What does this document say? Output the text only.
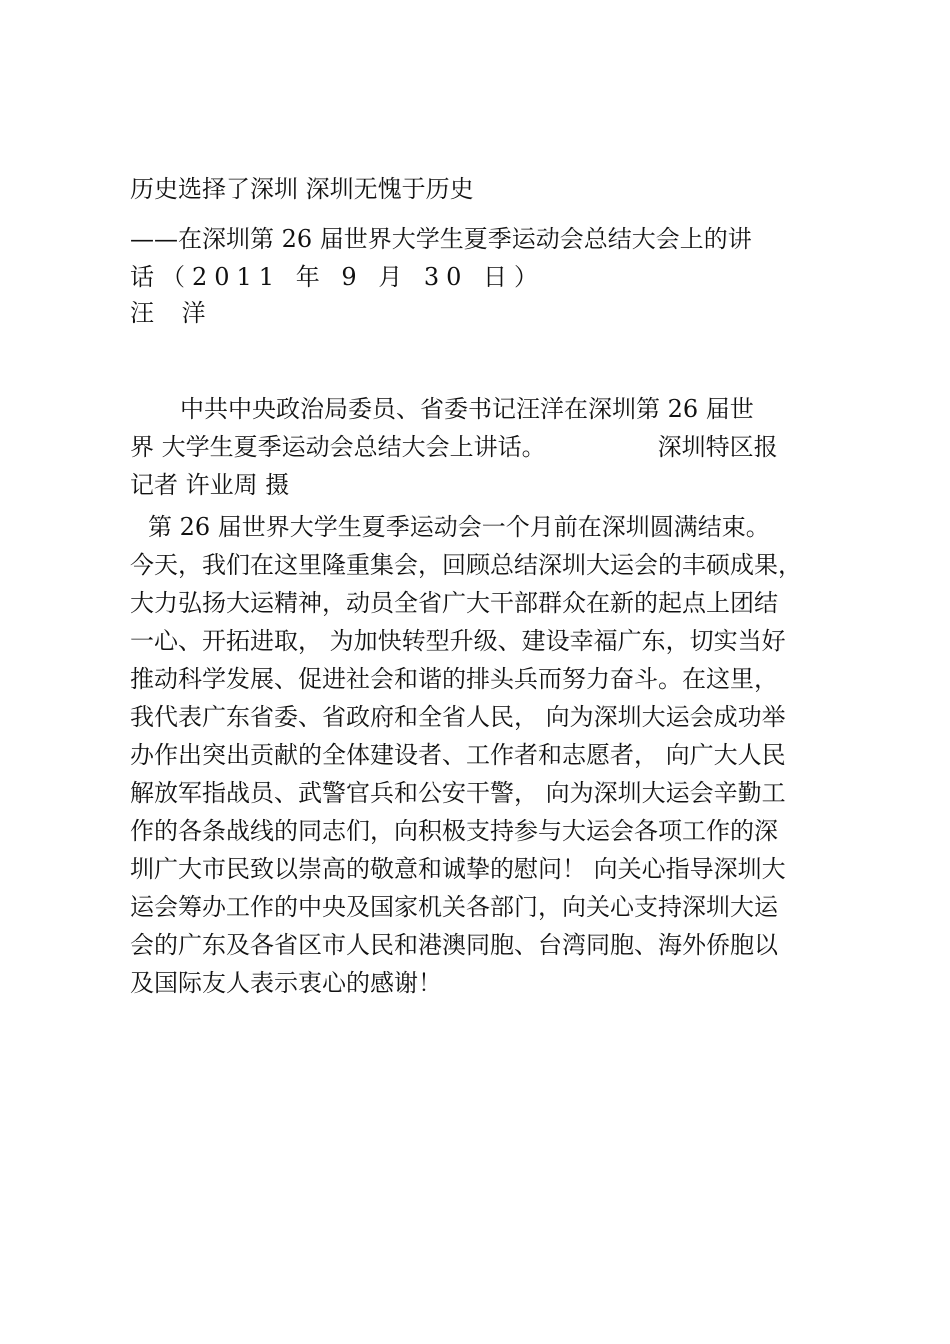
历史选择了深圳 深圳无愧于历史
——在深圳第 26 届世界大学生夏季运动会总结大会上的讲
话（2011 年 9 月 30 日）
汪 洋
中共中央政治局委员、省委书记汪洋在深圳第 26 届世
界 大学生夏季运动会总结大会上讲话。	深圳特区报
记者 许业周 摄
第 26 届世界大学生夏季运动会一个月前在深圳圆满结束。
今天，我们在这里隆重集会，回顾总结深圳大运会的丰硕成果，
大力弘扬大运精神，动员全省广大干部群众在新的起点上团结
一心、开拓进取， 为加快转型升级、建设幸福广东，切实当好
推动科学发展、促进社会和谐的排头兵而努力奋斗。在这里，
我代表广东省委、省政府和全省人民， 向为深圳大运会成功举
办作出突出贡献的全体建设者、工作者和志愿者， 向广大人民
解放军指战员、武警官兵和公安干警， 向为深圳大运会辛勤工
作的各条战线的同志们，向积极支持参与大运会各项工作的深
圳广大市民致以崇高的敬意和诚挚的慰问！ 向关心指导深圳大
运会筹办工作的中央及国家机关各部门，向关心支持深圳大运
会的广东及各省区市人民和港澳同胞、台湾同胞、海外侨胞以
及国际友人表示衷心的感谢！
